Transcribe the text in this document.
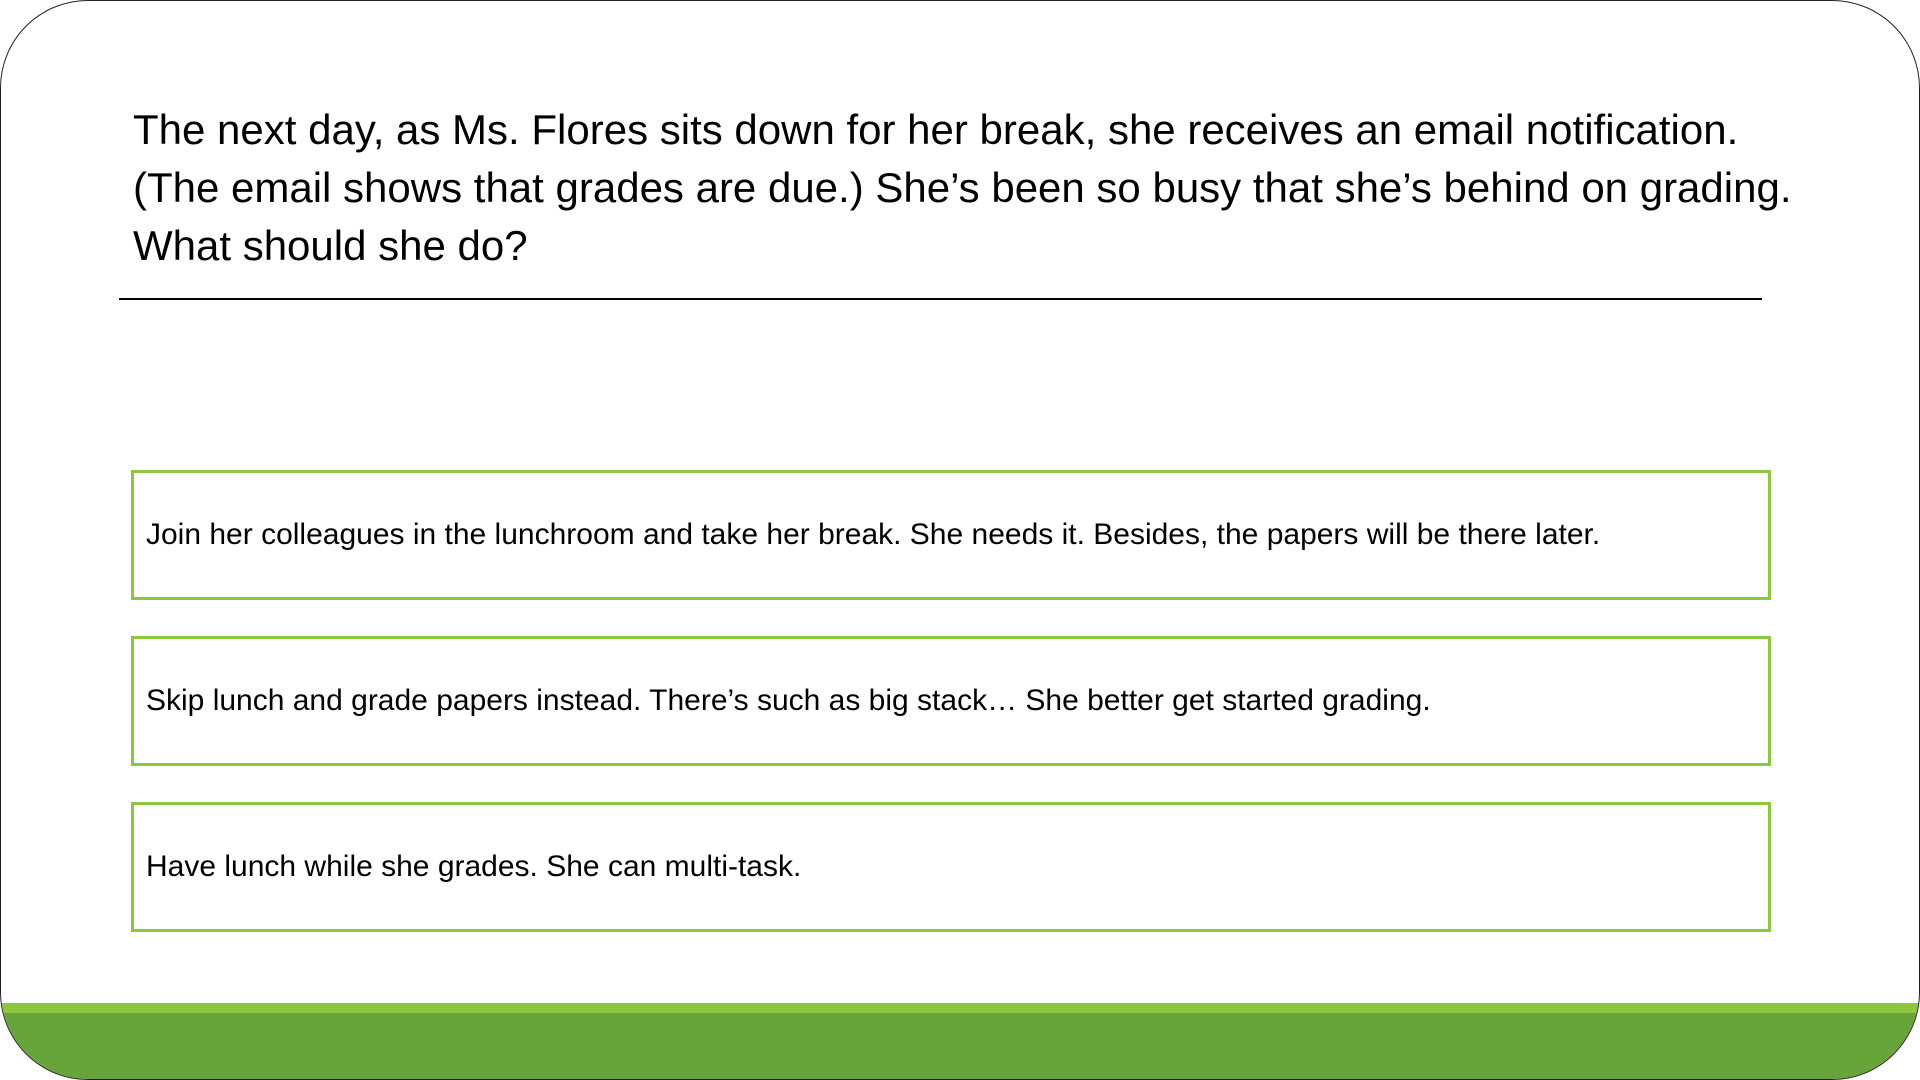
The next day, as Ms. Flores sits down for her break, she receives an email notification. (The email shows that grades are due.) She’s been so busy that she’s behind on grading. What should she do?

Join her colleagues in the lunchroom and take her break. She needs it. Besides, the papers will be there later.
Skip lunch and grade papers instead. There’s such as big stack… She better get started grading.
Have lunch while she grades. She can multi-task.
